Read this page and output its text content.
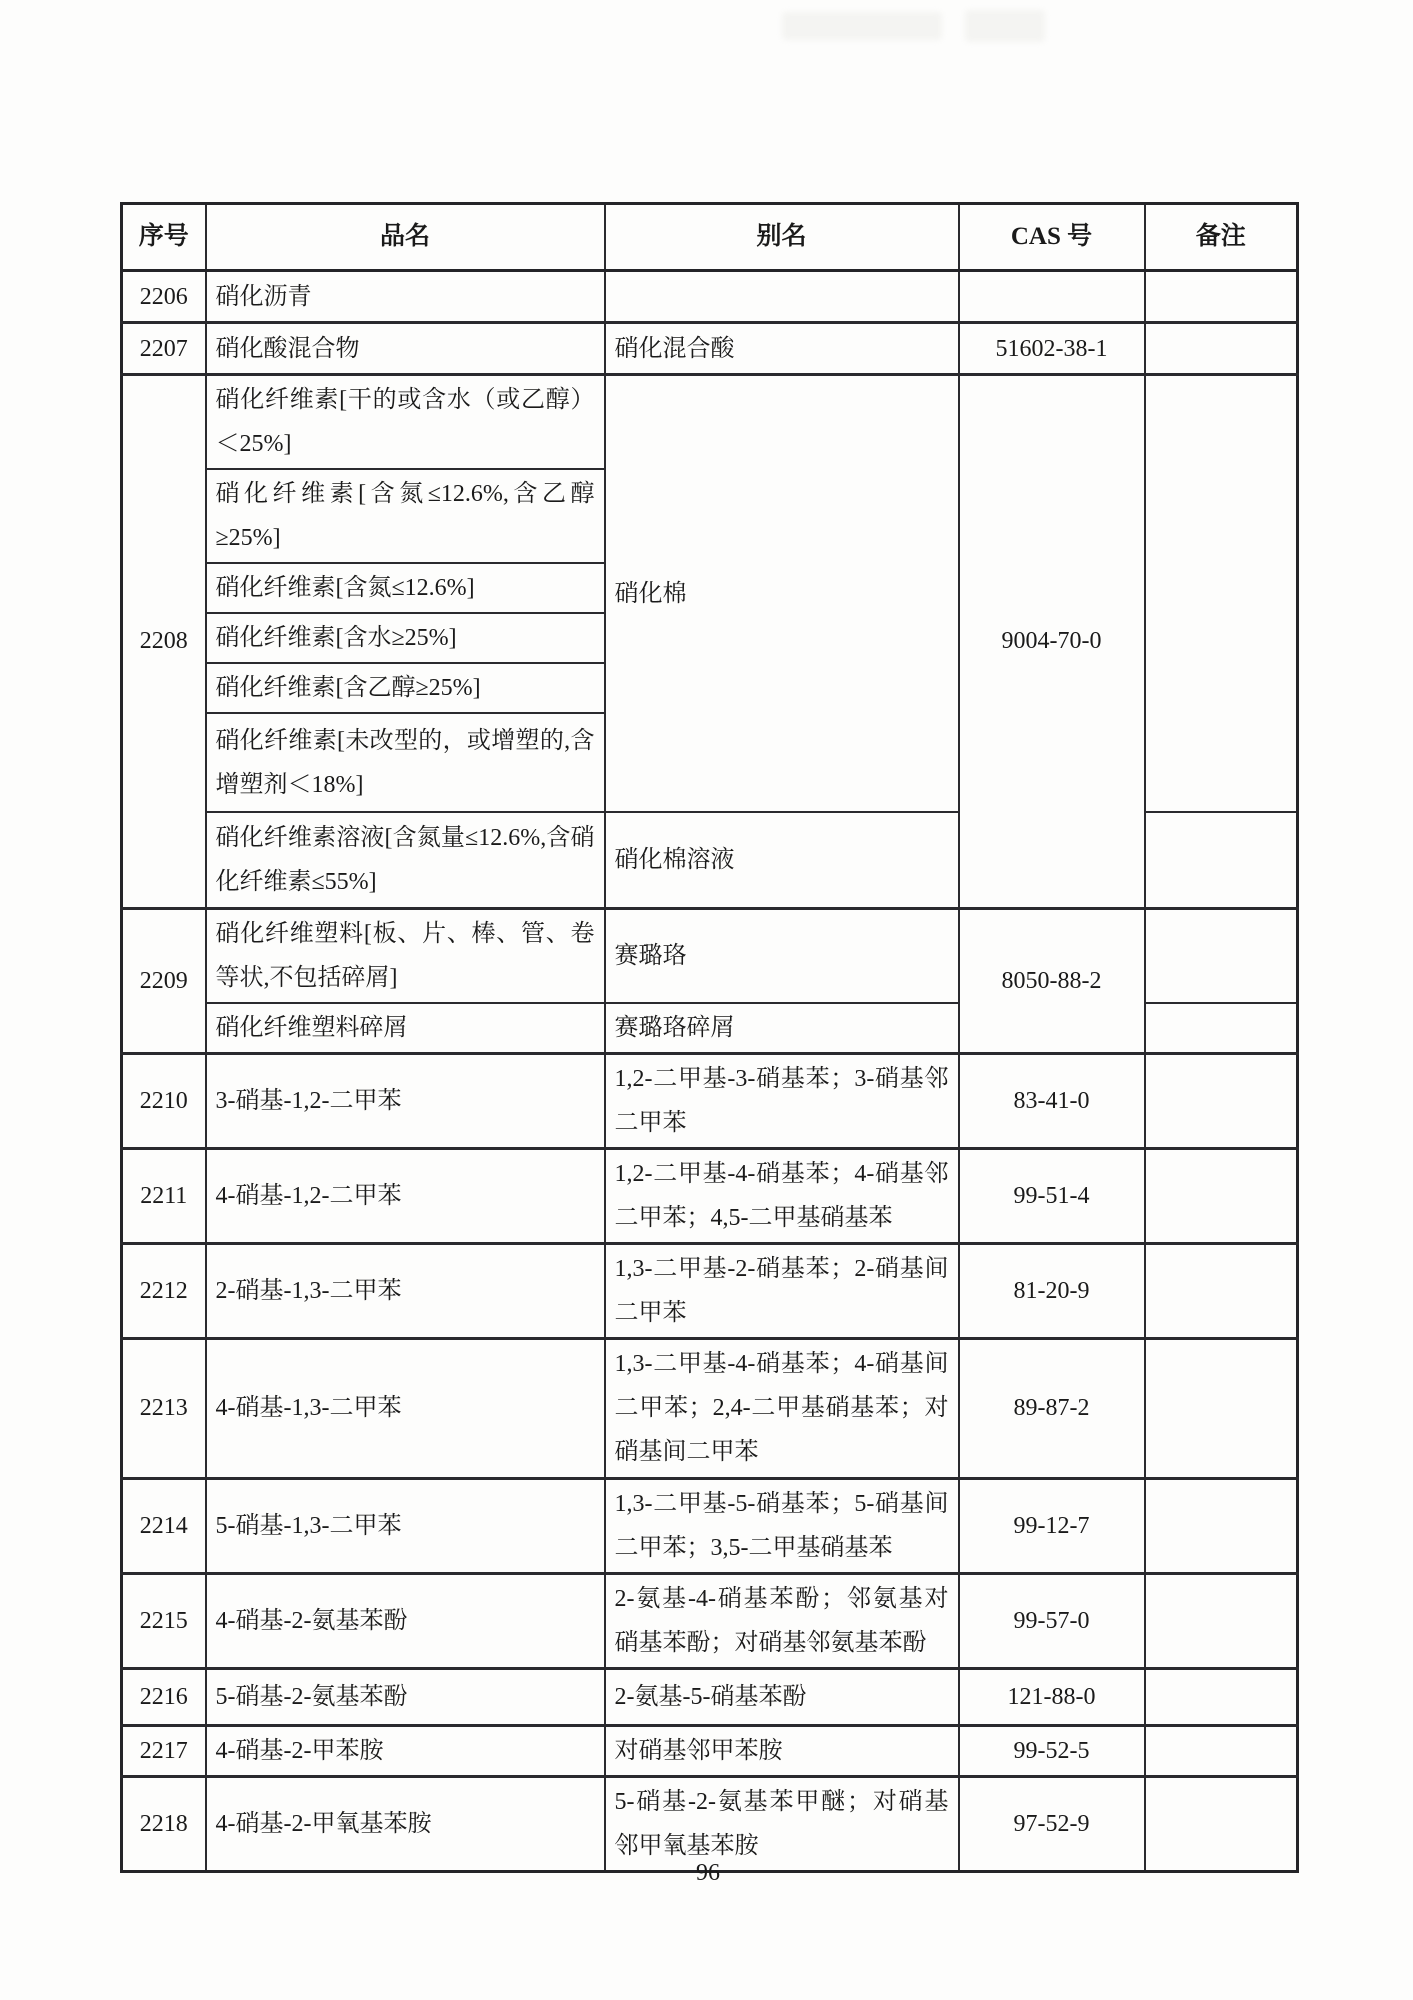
序号	品名	别名	CAS 号	备注
2206	硝化沥青			
2207	硝化酸混合物	硝化混合酸	51602-38-1	
2208	硝化纤维素[干的或含水（或乙醇）＜25%]	硝化棉	9004-70-0	
	硝化纤维素[含氮≤12.6%,含乙醇≥25%]			
	硝化纤维素[含氮≤12.6%]			
	硝化纤维素[含水≥25%]			
	硝化纤维素[含乙醇≥25%]			
	硝化纤维素[未改型的，或增塑的,含增塑剂＜18%]			
	硝化纤维素溶液[含氮量≤12.6%,含硝化纤维素≤55%]	硝化棉溶液		
2209	硝化纤维塑料[板、片、棒、管、卷等状,不包括碎屑]	赛璐珞	8050-88-2	
	硝化纤维塑料碎屑	赛璐珞碎屑		
2210	3-硝基-1,2-二甲苯	1,2-二甲基-3-硝基苯；3-硝基邻二甲苯	83-41-0	
2211	4-硝基-1,2-二甲苯	1,2-二甲基-4-硝基苯；4-硝基邻二甲苯；4,5-二甲基硝基苯	99-51-4	
2212	2-硝基-1,3-二甲苯	1,3-二甲基-2-硝基苯；2-硝基间二甲苯	81-20-9	
2213	4-硝基-1,3-二甲苯	1,3-二甲基-4-硝基苯；4-硝基间二甲苯；2,4-二甲基硝基苯；对硝基间二甲苯	89-87-2	
2214	5-硝基-1,3-二甲苯	1,3-二甲基-5-硝基苯；5-硝基间二甲苯；3,5-二甲基硝基苯	99-12-7	
2215	4-硝基-2-氨基苯酚	2-氨基-4-硝基苯酚；邻氨基对硝基苯酚；对硝基邻氨基苯酚	99-57-0	
2216	5-硝基-2-氨基苯酚	2-氨基-5-硝基苯酚	121-88-0	
2217	4-硝基-2-甲苯胺	对硝基邻甲苯胺	99-52-5	
2218	4-硝基-2-甲氧基苯胺	5-硝基-2-氨基苯甲醚；对硝基邻甲氧基苯胺	97-52-9	
96
